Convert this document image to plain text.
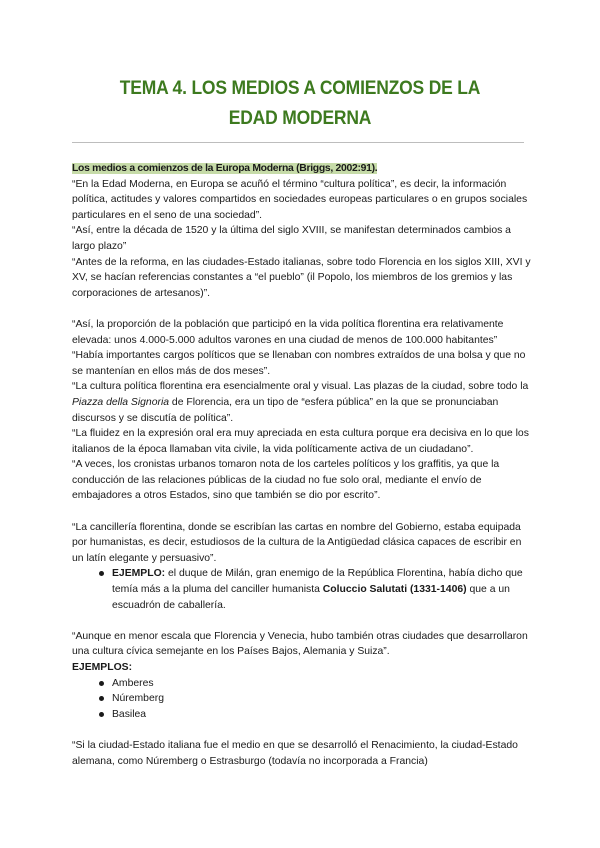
TEMA 4. LOS MEDIOS A COMIENZOS DE LA
EDAD MODERNA

Los medios a comienzos de la Europa Moderna (Briggs, 2002:91).

“En la Edad Moderna, en Europa se acuñó el término “cultura política”, es decir, la información política, actitudes y valores compartidos en sociedades europeas particulares o en grupos sociales particulares en el seno de una sociedad”.

“Así, entre la década de 1520 y la última del siglo XVIII, se manifestan determinados cambios a largo plazo”

“Antes de la reforma, en las ciudades-Estado italianas, sobre todo Florencia en los siglos XIII, XVI y XV, se hacían referencias constantes a “el pueblo” (il Popolo, los miembros de los gremios y las corporaciones de artesanos)”.

“Así, la proporción de la población que participó en la vida política florentina era relativamente elevada: unos 4.000-5.000 adultos varones en una ciudad de menos de 100.000 habitantes”

“Había importantes cargos políticos que se llenaban con nombres extraídos de una bolsa y que no se mantenían en ellos más de dos meses”.

“La cultura política florentina era esencialmente oral y visual. Las plazas de la ciudad, sobre todo la Piazza della Signoria de Florencia, era un tipo de “esfera pública” en la que se pronunciaban discursos y se discutía de política”.

“La fluidez en la expresión oral era muy apreciada en esta cultura porque era decisiva en lo que los italianos de la época llamaban vita civile, la vida políticamente activa de un ciudadano”.

“A veces, los cronistas urbanos tomaron nota de los carteles políticos y los graffitis, ya que la conducción de las relaciones públicas de la ciudad no fue solo oral, mediante el envío de embajadores a otros Estados, sino que también se dio por escrito”.

“La cancillería florentina, donde se escribían las cartas en nombre del Gobierno, estaba equipada por humanistas, es decir, estudiosos de la cultura de la Antigüedad clásica capaces de escribir en un latín elegante y persuasivo”.

EJEMPLO: el duque de Milán, gran enemigo de la República Florentina, había dicho que temía más a la pluma del canciller humanista Coluccio Salutati (1331-1406) que a un escuadrón de caballería.

“Aunque en menor escala que Florencia y Venecia, hubo también otras ciudades que desarrollaron una cultura cívica semejante en los Países Bajos, Alemania y Suiza”.

EJEMPLOS:

Amberes
Núremberg
Basilea

“Si la ciudad-Estado italiana fue el medio en que se desarrolló el Renacimiento, la ciudad-Estado alemana, como Núremberg o Estrasburgo (todavía no incorporada a Francia)
